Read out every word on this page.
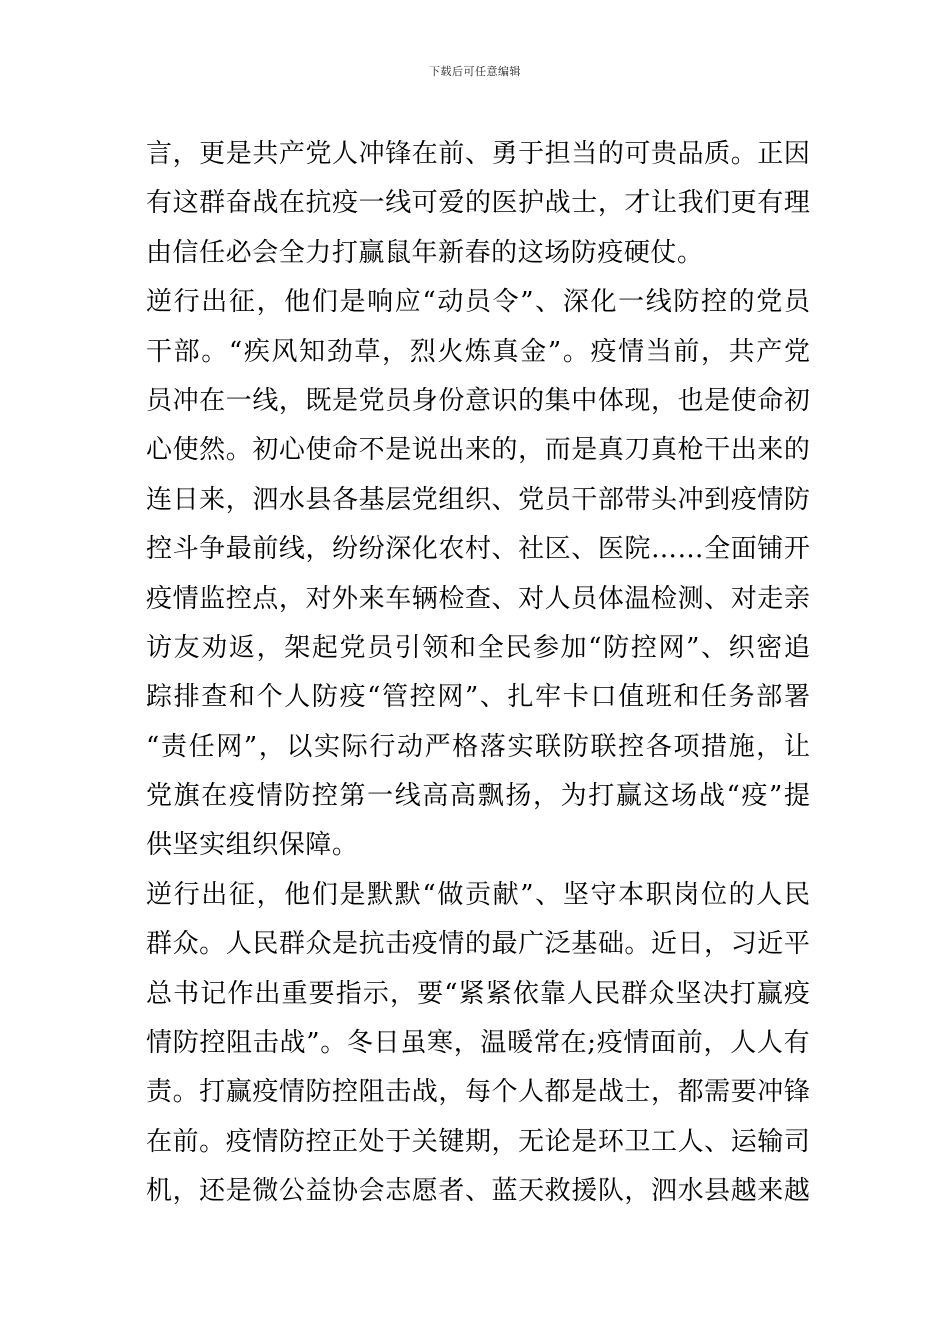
下载后可任意编辑
言 ， 更 是 共 产 党 人 冲 锋 在 前 、 勇 于 担 当 的 可 贵 品 质 。 正 因
有 这 群 奋 战 在 抗 疫 一 线 可 爱 的 医 护 战 士 ， 才 让 我 们 更 有 理
由 信 任 必 会 全 力 打 赢 鼠 年 新 春 的 这 场 防 疫 硬 仗 。
逆 行 出 征 ， 他 们 是 响 应 “ 动 员 令 ” 、 深 化 一 线 防 控 的 党 员
干 部 。 “ 疾 风 知 劲 草 ， 烈 火 炼 真 金 ” 。 疫 情 当 前 ， 共 产 党
员 冲 在 一 线 ， 既 是 党 员 身 份 意 识 的 集 中 体 现 ， 也 是 使 命 初
心 使 然 。 初 心 使 命 不 是 说 出 来 的 ， 而 是 真 刀 真 枪 干 出 来 的
连 日 来 ， 泗 水 县 各 基 层 党 组 织 、 党 员 干 部 带 头 冲 到 疫 情 防
控 斗 争 最 前 线 ， 纷 纷 深 化 农 村 、 社 区 、 医 院 … … 全 面 铺 开
疫 情 监 控 点 ， 对 外 来 车 辆 检 查 、 对 人 员 体 温 检 测 、 对 走 亲
访 友 劝 返 ， 架 起 党 员 引 领 和 全 民 参 加 “ 防 控 网 ” 、 织 密 追
踪 排 查 和 个 人 防 疫 “ 管 控 网 ” 、 扎 牢 卡 口 值 班 和 任 务 部 署
“ 责 任 网 ” ， 以 实 际 行 动 严 格 落 实 联 防 联 控 各 项 措 施 ， 让
党 旗 在 疫 情 防 控 第 一 线 高 高 飘 扬 ， 为 打 赢 这 场 战 “ 疫 ” 提
供 坚 实 组 织 保 障 。
逆 行 出 征 ， 他 们 是 默 默 “ 做 贡 献 ” 、 坚 守 本 职 岗 位 的 人 民
群 众 。 人 民 群 众 是 抗 击 疫 情 的 最 广 泛 基 础 。 近 日 ， 习 近 平
总 书 记 作 出 重 要 指 示 ， 要 “ 紧 紧 依 靠 人 民 群 众 坚 决 打 赢 疫
情 防 控 阻 击 战 ” 。 冬 日 虽 寒 ， 温 暖 常 在 ; 疫 情 面 前 ， 人 人 有
责 。 打 赢 疫 情 防 控 阻 击 战 ， 每 个 人 都 是 战 士 ， 都 需 要 冲 锋
在 前 。 疫 情 防 控 正 处 于 关 键 期 ， 无 论 是 环 卫 工 人 、 运 输 司
机 ， 还 是 微 公 益 协 会 志 愿 者 、 蓝 天 救 援 队 ， 泗 水 县 越 来 越
